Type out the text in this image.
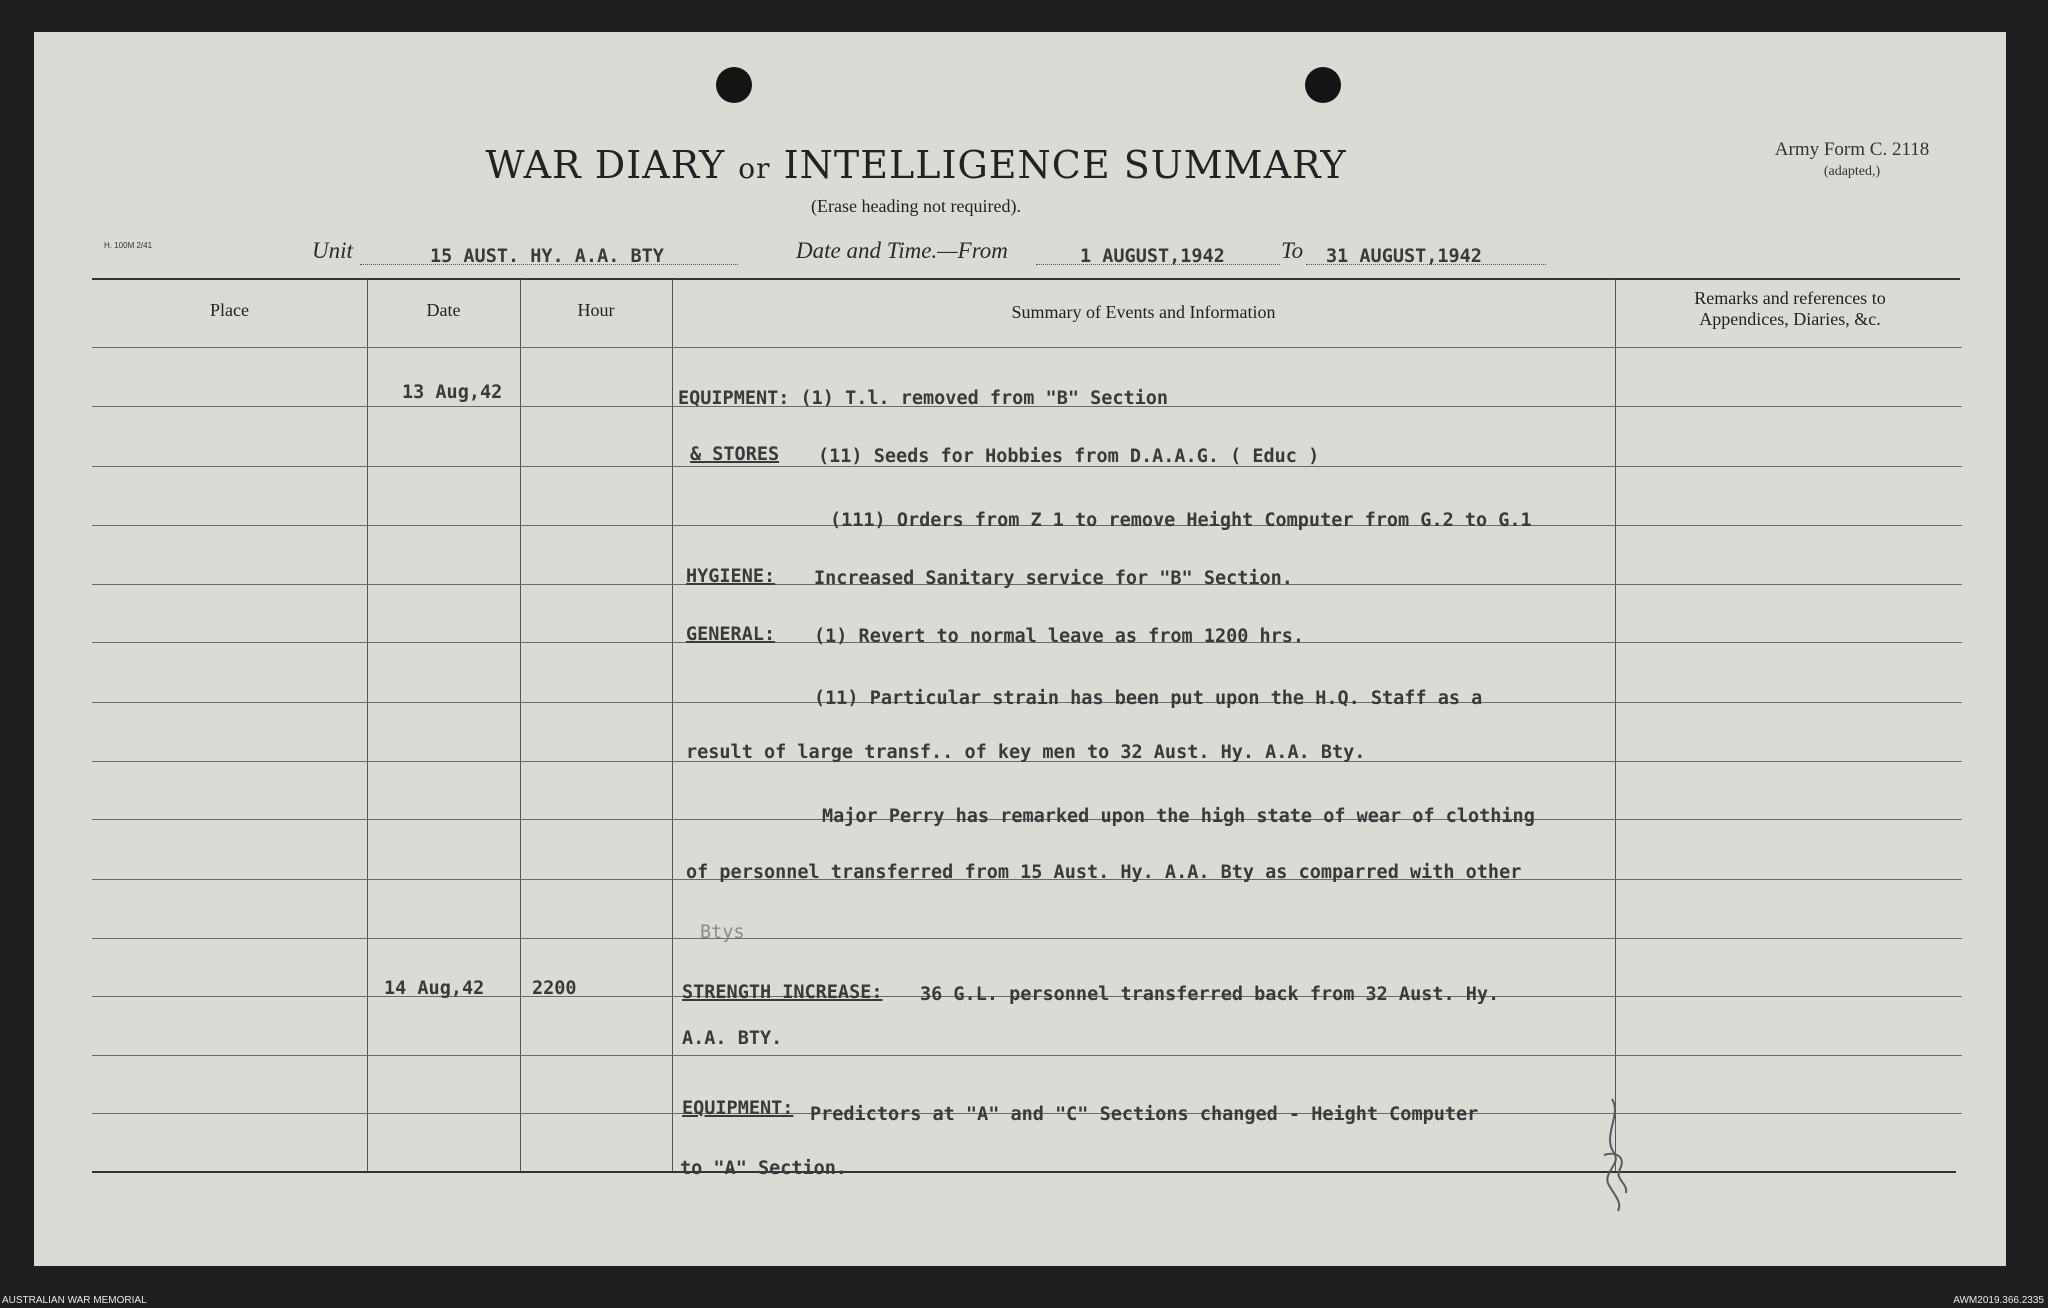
WAR DIARY or INTELLIGENCE SUMMARY
(Erase heading not required).
Army Form C. 2118
(adapted,)
H. 100M 2/41	Unit	15 AUST. HY. A.A. BTY	Date and Time.—From	1 AUGUST,1942 To 31 AUGUST,1942
Place	Date	Hour	Summary of Events and Information
Remarks and references to Appendices, Diaries, &c.
13 Aug,42	EQUIPMENT: (1) T.l. removed from "B" Section
& STORES (11) Seeds for Hobbies from D.A.A.G. ( Educ )
(111) Orders from Z 1 to remove Height Computer from G.2 to G.1
HYGIENE: Increased Sanitary service for "B" Section.
GENERAL: (1) Revert to normal leave as from 1200 hrs.
(11) Particular strain has been put upon the H.Q. Staff as a
result of large transf.. of key men to 32 Aust. Hy. A.A. Bty.
Major Perry has remarked upon the high state of wear of clothing
of personnel transferred from 15 Aust. Hy. A.A. Bty as comparred with other
Btys
14 Aug,42	2200	STRENGTH INCREASE: 36 G.L. personnel transferred back from 32 Aust. Hy.
A.A. BTY.
EQUIPMENT: Predictors at "A" and "C" Sections changed - Height Computer
to "A" Section.
AUSTRALIAN WAR MEMORIAL	AWM2019.366.2335
